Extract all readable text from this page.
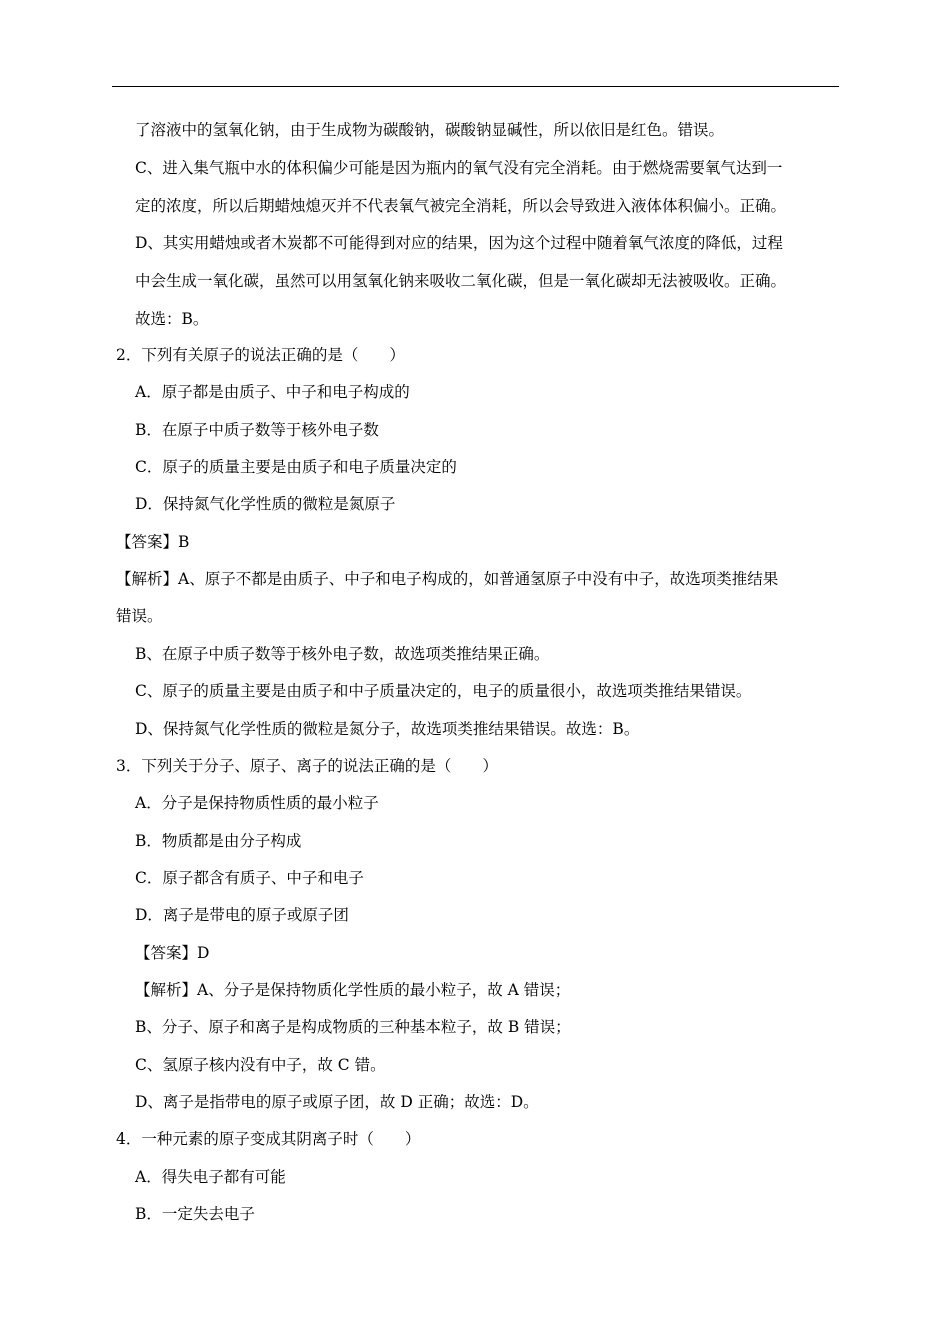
了溶液中的氢氧化钠，由于生成物为碳酸钠，碳酸钠显碱性，所以依旧是红色。错误。
C、进入集气瓶中水的体积偏少可能是因为瓶内的氧气没有完全消耗。由于燃烧需要氧气达到一
定的浓度，所以后期蜡烛熄灭并不代表氧气被完全消耗，所以会导致进入液体体积偏小。正确。
D、其实用蜡烛或者木炭都不可能得到对应的结果，因为这个过程中随着氧气浓度的降低，过程
中会生成一氧化碳，虽然可以用氢氧化钠来吸收二氧化碳，但是一氧化碳却无法被吸收。正确。
故选：B。
2．下列有关原子的说法正确的是（　　）
A．原子都是由质子、中子和电子构成的
B．在原子中质子数等于核外电子数
C．原子的质量主要是由质子和电子质量决定的
D．保持氮气化学性质的微粒是氮原子
【答案】B
【解析】A、原子不都是由质子、中子和电子构成的，如普通氢原子中没有中子，故选项类推结果
错误。
B、在原子中质子数等于核外电子数，故选项类推结果正确。
C、原子的质量主要是由质子和中子质量决定的，电子的质量很小，故选项类推结果错误。
D、保持氮气化学性质的微粒是氮分子，故选项类推结果错误。故选：B。
3．下列关于分子、原子、离子的说法正确的是（　　）
A．分子是保持物质性质的最小粒子
B．物质都是由分子构成
C．原子都含有质子、中子和电子
D．离子是带电的原子或原子团
【答案】D
【解析】A、分子是保持物质化学性质的最小粒子，故 A 错误；
B、分子、原子和离子是构成物质的三种基本粒子，故 B 错误；
C、氢原子核内没有中子，故 C 错。
D、离子是指带电的原子或原子团，故 D 正确；故选：D。
4．一种元素的原子变成其阴离子时（　　）
A．得失电子都有可能
B．一定失去电子
